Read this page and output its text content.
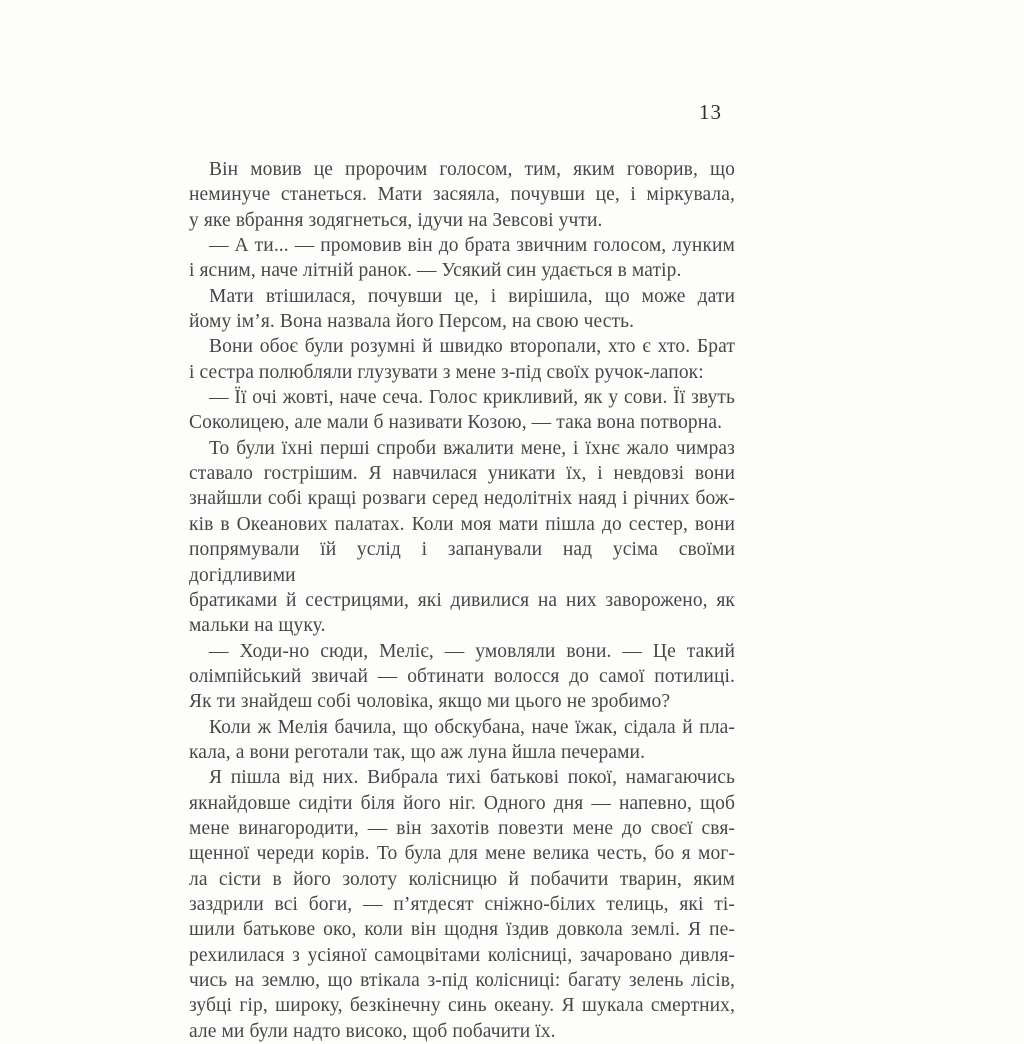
13
Він мовив це пророчим голосом, тим, яким говорив, що
неминуче станеться. Мати засяяла, почувши це, і міркувала,
у яке вбрання зодягнеться, ідучи на Зевсові учти.
— А ти... — промовив він до брата звичним голосом, лунким
і ясним, наче літній ранок. — Усякий син удається в матір.
Мати втішилася, почувши це, і вирішила, що може дати
йому ім’я. Вона назвала його Персом, на свою честь.
Вони обоє були розумні й швидко второпали, хто є хто. Брат
і сестра полюбляли глузувати з мене з-під своїх ручок-лапок:
— Її очі жовті, наче сеча. Голос крикливий, як у сови. Її звуть
Соколицею, але мали б називати Козою, — така вона потворна.
То були їхні перші спроби вжалити мене, і їхнє жало чимраз
ставало гострішим. Я навчилася уникати їх, і невдовзі вони
знайшли собі кращі розваги серед недолітніх наяд і річних бож-
ків в Океанових палатах. Коли моя мати пішла до сестер, вони
попрямували їй услід і запанували над усіма своїми догідливими
братиками й сестрицями, які дивилися на них заворожено, як
мальки на щуку.
— Ходи-но сюди, Меліє, — умовляли вони. — Це такий
олімпійський звичай — обтинати волосся до самої потилиці.
Як ти знайдеш собі чоловіка, якщо ми цього не зробимо?
Коли ж Мелія бачила, що обскубана, наче їжак, сідала й пла-
кала, а вони реготали так, що аж луна йшла печерами.
Я пішла від них. Вибрала тихі батькові покої, намагаючись
якнайдовше сидіти біля його ніг. Одного дня — напевно, щоб
мене винагородити, — він захотів повезти мене до своєї свя-
щенної череди корів. То була для мене велика честь, бо я мог-
ла сісти в його золоту колісницю й побачити тварин, яким
заздрили всі боги, — п’ятдесят сніжно-білих телиць, які ті-
шили батькове око, коли він щодня їздив довкола землі. Я пе-
рехилилася з усіяної самоцвітами колісниці, зачаровано дивля-
чись на землю, що втікала з-під колісниці: багату зелень лісів,
зубці гір, широку, безкінечну синь океану. Я шукала смертних,
але ми були надто високо, щоб побачити їх.
